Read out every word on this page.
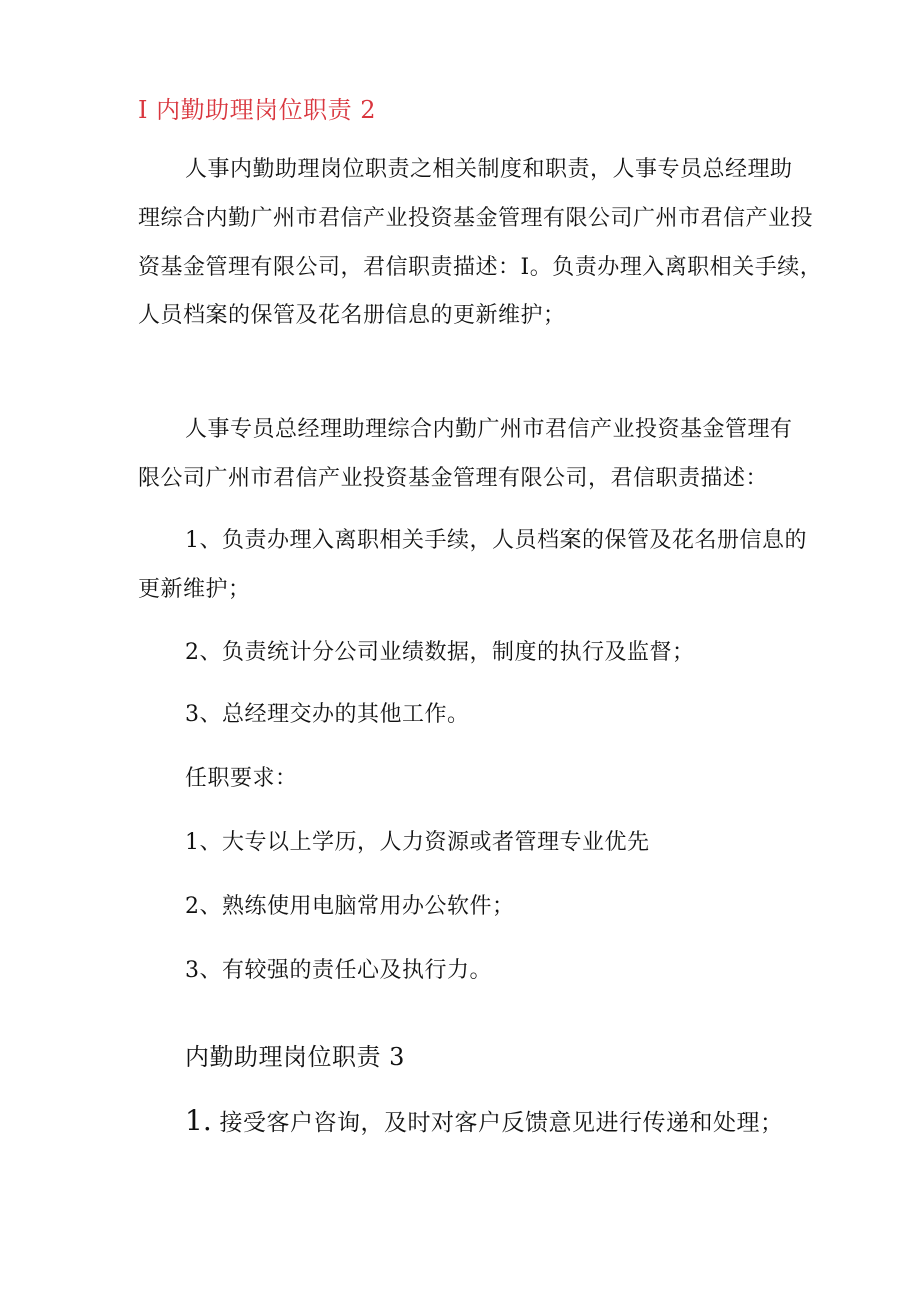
I 内勤助理岗位职责 2
人事内勤助理岗位职责之相关制度和职责，人事专员总经理助
理综合内勤广州市君信产业投资基金管理有限公司广州市君信产业投
资基金管理有限公司，君信职责描述：I。负责办理入离职相关手续，
人员档案的保管及花名册信息的更新维护；
人事专员总经理助理综合内勤广州市君信产业投资基金管理有
限公司广州市君信产业投资基金管理有限公司，君信职责描述：
1、负责办理入离职相关手续，人员档案的保管及花名册信息的
更新维护；
2、负责统计分公司业绩数据，制度的执行及监督；
3、总经理交办的其他工作。
任职要求：
1、大专以上学历，人力资源或者管理专业优先
2、熟练使用电脑常用办公软件；
3、有较强的责任心及执行力。
内勤助理岗位职责 3
1. 接受客户咨询，及时对客户反馈意见进行传递和处理；
